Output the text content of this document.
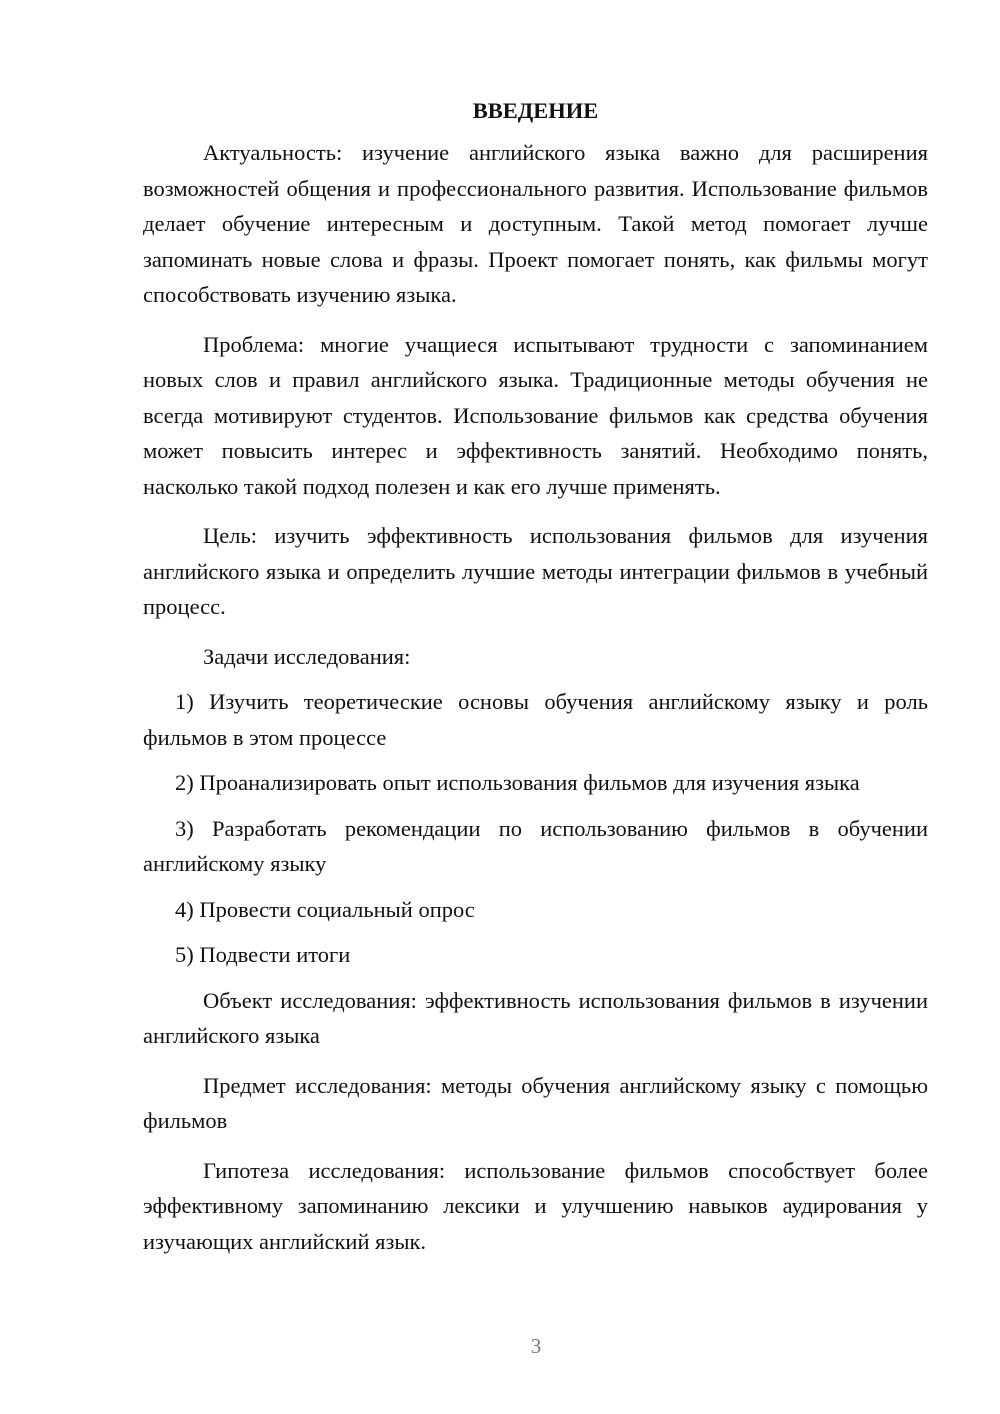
ВВЕДЕНИЕ

Актуальность: изучение английского языка важно для расширения возможностей общения и профессионального развития. Использование фильмов делает обучение интересным и доступным. Такой метод помогает лучше запоминать новые слова и фразы. Проект помогает понять, как фильмы могут способствовать изучению языка.

Проблема: многие учащиеся испытывают трудности с запоминанием новых слов и правил английского языка. Традиционные методы обучения не всегда мотивируют студентов. Использование фильмов как средства обучения может повысить интерес и эффективность занятий. Необходимо понять, насколько такой подход полезен и как его лучше применять.

Цель: изучить эффективность использования фильмов для изучения английского языка и определить лучшие методы интеграции фильмов в учебный процесс.

Задачи исследования:

1) Изучить теоретические основы обучения английскому языку и роль фильмов в этом процессе

2) Проанализировать опыт использования фильмов для изучения языка

3) Разработать рекомендации по использованию фильмов в обучении английскому языку

4) Провести социальный опрос

5) Подвести итоги

Объект исследования: эффективность использования фильмов в изучении английского языка

Предмет исследования: методы обучения английскому языку с помощью фильмов

Гипотеза исследования: использование фильмов способствует более эффективному запоминанию лексики и улучшению навыков аудирования у изучающих английский язык.

3
